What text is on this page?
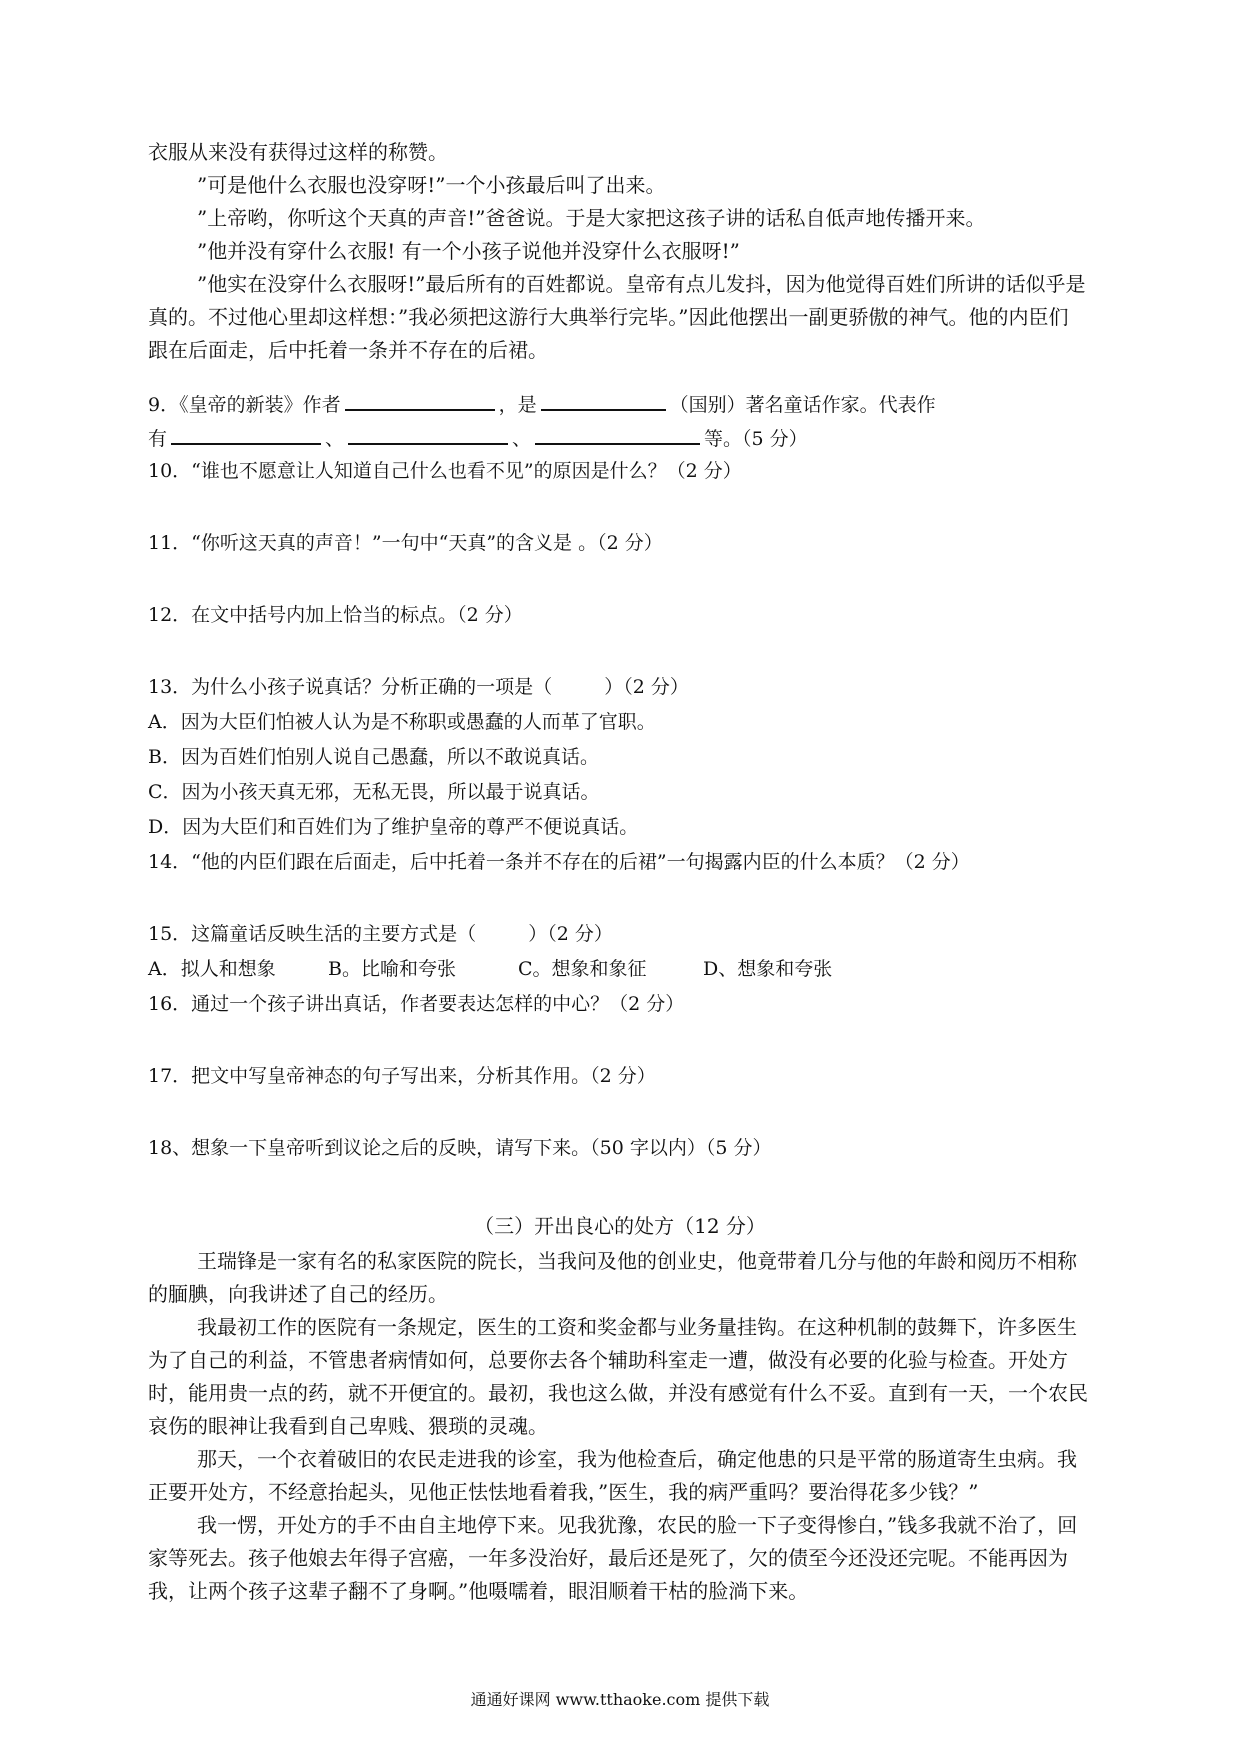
衣服从来没有获得过这样的称赞。

”可是他什么衣服也没穿呀!”一个小孩最后叫了出来。

”上帝哟，你听这个天真的声音!”爸爸说。于是大家把这孩子讲的话私自低声地传播开来。

”他并没有穿什么衣服! 有一个小孩子说他并没穿什么衣服呀!”

”他实在没穿什么衣服呀!”最后所有的百姓都说。皇帝有点儿发抖，因为他觉得百姓们所讲的话似乎是真的。不过他心里却这样想：”我必须把这游行大典举行完毕。”因此他摆出一副更骄傲的神气。他的内臣们跟在后面走，后中托着一条并不存在的后裙。

9．《皇帝的新装》作者	，是	（国别）著名童话作家。代表作
有	、	、	等。（5 分）
10．“谁也不愿意让人知道自己什么也看不见”的原因是什么？（2 分）
11．“你听这天真的声音！”一句中“天真”的含义是 。（2 分）
12．在文中括号内加上恰当的标点。（2 分）
13．为什么小孩子说真话？分析正确的一项是（	）（2 分）
A．因为大臣们怕被人认为是不称职或愚蠢的人而革了官职。
B．因为百姓们怕别人说自己愚蠢，所以不敢说真话。
C．因为小孩天真无邪，无私无畏，所以最于说真话。
D．因为大臣们和百姓们为了维护皇帝的尊严不便说真话。
14．“他的内臣们跟在后面走，后中托着一条并不存在的后裙”一句揭露内臣的什么本质？（2 分）
15．这篇童话反映生活的主要方式是（	）（2 分）
A．拟人和想象	B。比喻和夸张	C。想象和象征	D、想象和夸张
16．通过一个孩子讲出真话，作者要表达怎样的中心？（2 分）
17．把文中写皇帝神态的句子写出来，分析其作用。（2 分）
18、想象一下皇帝听到议论之后的反映，请写下来。（50 字以内）（5 分）
（三）开出良心的处方（12 分）

王瑞锋是一家有名的私家医院的院长，当我问及他的创业史，他竟带着几分与他的年龄和阅历不相称的腼腆，向我讲述了自己的经历。

我最初工作的医院有一条规定，医生的工资和奖金都与业务量挂钩。在这种机制的鼓舞下，许多医生为了自己的利益，不管患者病情如何，总要你去各个辅助科室走一遭，做没有必要的化验与检查。开处方时，能用贵一点的药，就不开便宜的。最初，我也这么做，并没有感觉有什么不妥。直到有一天，一个农民哀伤的眼神让我看到自己卑贱、猥琐的灵魂。

那天，一个衣着破旧的农民走进我的诊室，我为他检查后，确定他患的只是平常的肠道寄生虫病。我正要开处方，不经意抬起头，见他正怯怯地看着我，”医生，我的病严重吗？要治得花多少钱？”

我一愣，开处方的手不由自主地停下来。见我犹豫，农民的脸一下子变得惨白，”钱多我就不治了，回家等死去。孩子他娘去年得子宫癌，一年多没治好，最后还是死了，欠的债至今还没还完呢。不能再因为我，让两个孩子这辈子翻不了身啊。”他嗫嚅着，眼泪顺着干枯的脸淌下来。

通通好课网 www.tthaoke.com 提供下载
